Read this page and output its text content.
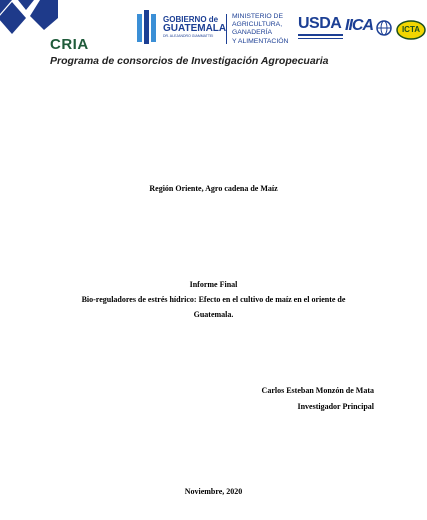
CRIA
Programa de consorcios de Investigación Agropecuaria
GOBIERNO de
GUATEMALA
DR. ALEJANDRO GIAMMATTEI
MINISTERIO DE
AGRICULTURA,
GANADERÍA
Y ALIMENTACIÓN
USDA IICA	ICTA
Región Oriente, Agro cadena de Maíz
Informe Final
Bio-reguladores de estrés hídrico: Efecto en el cultivo de maíz en el oriente de
Guatemala.
Carlos Esteban Monzón de Mata
Investigador Principal
Noviembre, 2020
